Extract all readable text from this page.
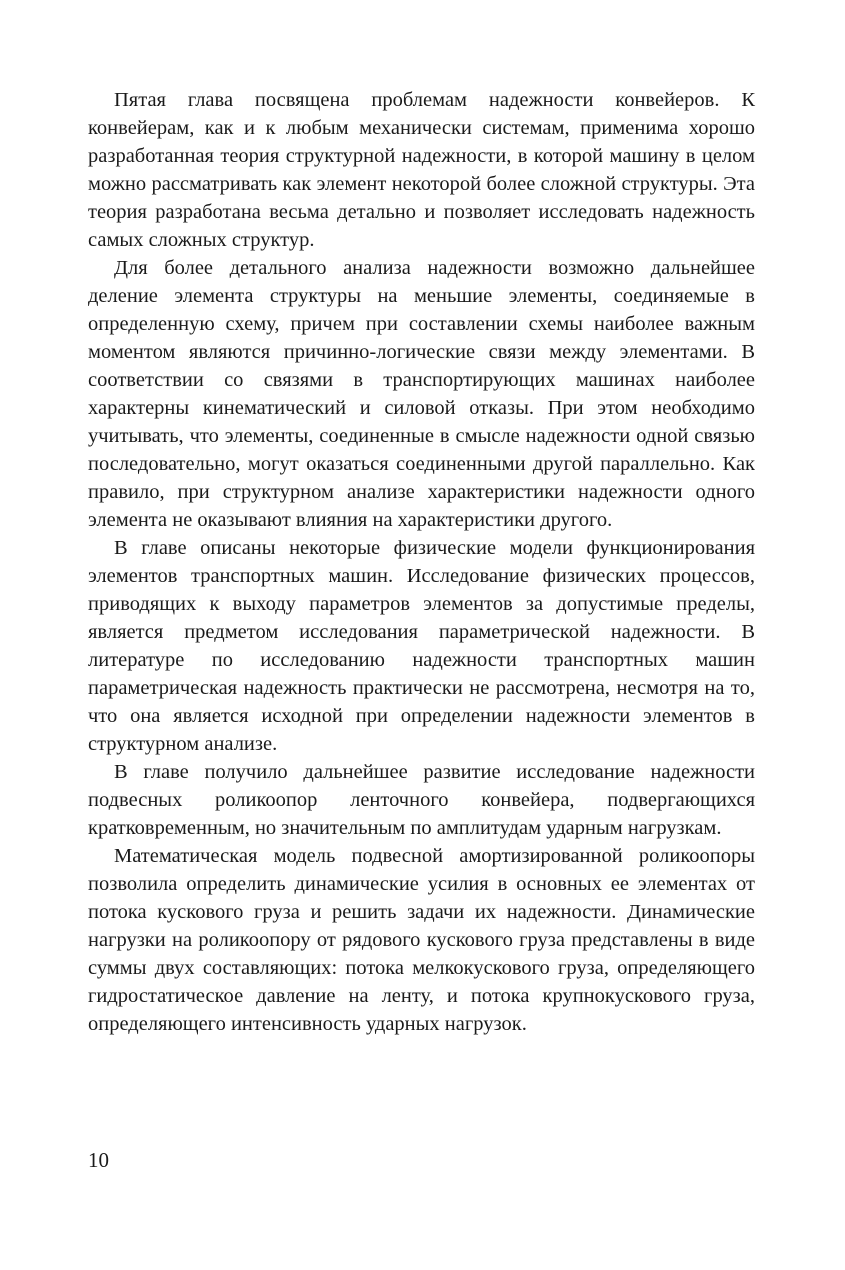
Пятая глава посвящена проблемам надежности конвейеров. К конвейерам, как и к любым механически системам, применима хорошо разработанная теория структурной надежности, в которой машину в целом можно рассматривать как элемент некоторой более сложной структуры. Эта теория разработана весьма детально и позволяет исследовать надежность самых сложных структур.

Для более детального анализа надежности возможно дальнейшее деление элемента структуры на меньшие элементы, соединяемые в определенную схему, причем при составлении схемы наиболее важным моментом являются причинно-логические связи между элементами. В соответствии со связями в транспортирующих машинах наиболее характерны кинематический и силовой отказы. При этом необходимо учитывать, что элементы, соединенные в смысле надежности одной связью последовательно, могут оказаться соединенными другой параллельно. Как правило, при структурном анализе характеристики надежности одного элемента не оказывают влияния на характеристики другого.

В главе описаны некоторые физические модели функционирования элементов транспортных машин. Исследование физических процессов, приводящих к выходу параметров элементов за допустимые пределы, является предметом исследования параметрической надежности. В литературе по исследованию надежности транспортных машин параметрическая надежность практически не рассмотрена, несмотря на то, что она является исходной при определении надежности элементов в структурном анализе.

В главе получило дальнейшее развитие исследование надежности подвесных роликоопор ленточного конвейера, подвергающихся кратковременным, но значительным по амплитудам ударным нагрузкам.

Математическая модель подвесной амортизированной роликоопоры позволила определить динамические усилия в основных ее элементах от потока кускового груза и решить задачи их надежности. Динамические нагрузки на роликоопору от рядового кускового груза представлены в виде суммы двух составляющих: потока мелкокускового груза, определяющего гидростатическое давление на ленту, и потока крупнокускового груза, определяющего интенсивность ударных нагрузок.

10
